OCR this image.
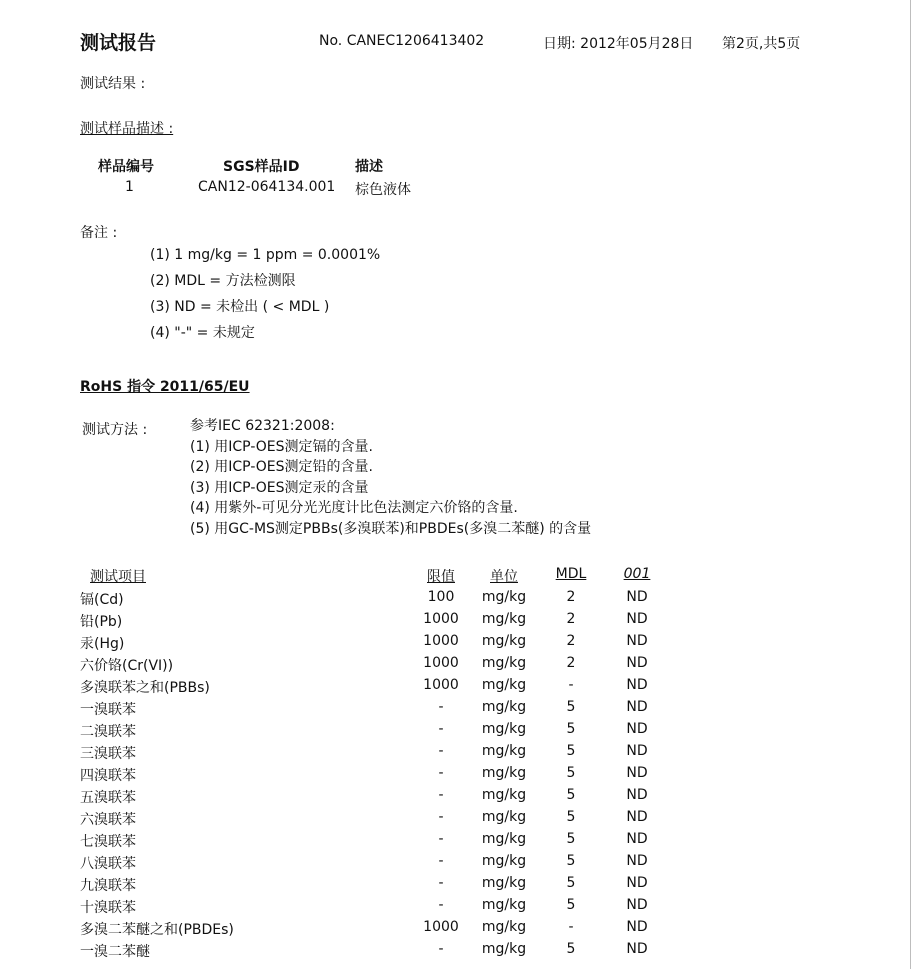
测试报告	No. CANEC1206413402	日期: 2012年05月28日 第2页,共5页
测试结果 :
测试样品描述 :
样品编号	SGS样品ID	描述
1	CAN12-064134.001 棕色液体
备注 :
(1) 1 mg/kg = 1 ppm = 0.0001%
(2) MDL = 方法检测限
(3) ND = 未检出 ( < MDL )
(4) "-" = 未规定
RoHS 指令 2011/65/EU
测试方法 :	参考IEC 62321:2008:
(1) 用ICP-OES测定镉的含量.
(2) 用ICP-OES测定铅的含量.
(3) 用ICP-OES测定汞的含量
(4) 用紫外-可见分光光度计比色法测定六价铬的含量.
(5) 用GC-MS测定PBBs(多溴联苯)和PBDEs(多溴二苯醚) 的含量
测试项目	限值	单位	MDL	001
镉(Cd)	100	mg/kg	2	ND
铅(Pb)	1000	mg/kg	2	ND
汞(Hg)	1000	mg/kg	2	ND
六价铬(Cr(VI))	1000	mg/kg	2	ND
多溴联苯之和(PBBs)	1000	mg/kg	-	ND
一溴联苯	-	mg/kg	5	ND
二溴联苯	-	mg/kg	5	ND
三溴联苯	-	mg/kg	5	ND
四溴联苯	-	mg/kg	5	ND
五溴联苯	-	mg/kg	5	ND
六溴联苯	-	mg/kg	5	ND
七溴联苯	-	mg/kg	5	ND
八溴联苯	-	mg/kg	5	ND
九溴联苯	-	mg/kg	5	ND
十溴联苯	-	mg/kg	5	ND
多溴二苯醚之和(PBDEs)	1000	mg/kg	-	ND
一溴二苯醚	-	mg/kg	5	ND
